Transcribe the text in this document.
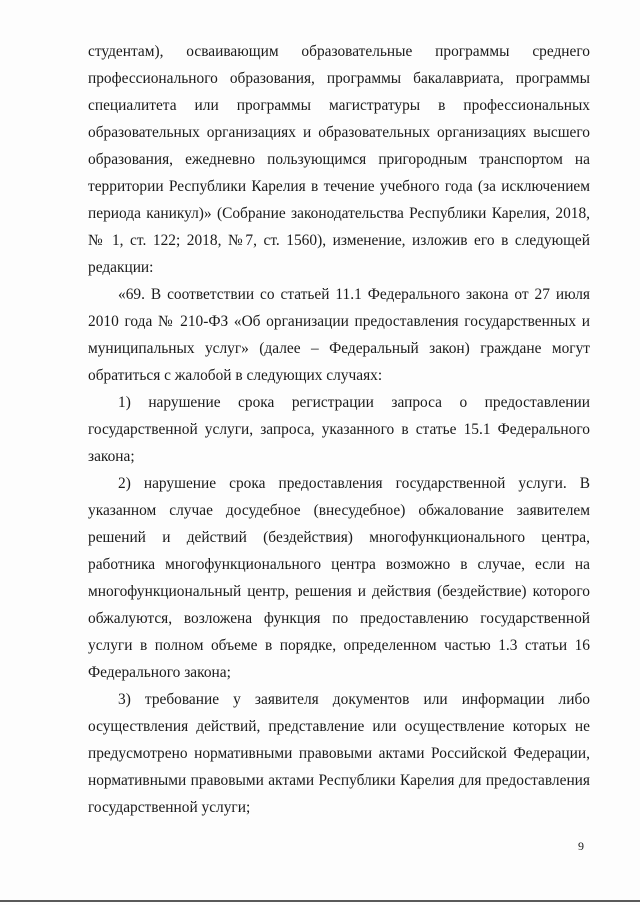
студентам), осваивающим образовательные программы среднего профессионального образования, программы бакалавриата, программы специалитета или программы магистратуры в профессиональных образовательных организациях и образовательных организациях высшего образования, ежедневно пользующимся пригородным транспортом на территории Республики Карелия в течение учебного года (за исключением периода каникул)» (Собрание законодательства Республики Карелия, 2018, № 1, ст. 122; 2018, №7, ст. 1560), изменение, изложив его в следующей редакции:

«69. В соответствии со статьей 11.1 Федерального закона от 27 июля 2010 года № 210-ФЗ «Об организации предоставления государственных и муниципальных услуг» (далее – Федеральный закон) граждане могут обратиться с жалобой в следующих случаях:

1) нарушение срока регистрации запроса о предоставлении государственной услуги, запроса, указанного в статье 15.1 Федерального закона;

2) нарушение срока предоставления государственной услуги. В указанном случае досудебное (внесудебное) обжалование заявителем решений и действий (бездействия) многофункционального центра, работника многофункционального центра возможно в случае, если на многофункциональный центр, решения и действия (бездействие) которого обжалуются, возложена функция по предоставлению государственной услуги в полном объеме в порядке, определенном частью 1.3 статьи 16 Федерального закона;

3) требование у заявителя документов или информации либо осуществления действий, представление или осуществление которых не предусмотрено нормативными правовыми актами Российской Федерации, нормативными правовыми актами Республики Карелия для предоставления государственной услуги;

9
